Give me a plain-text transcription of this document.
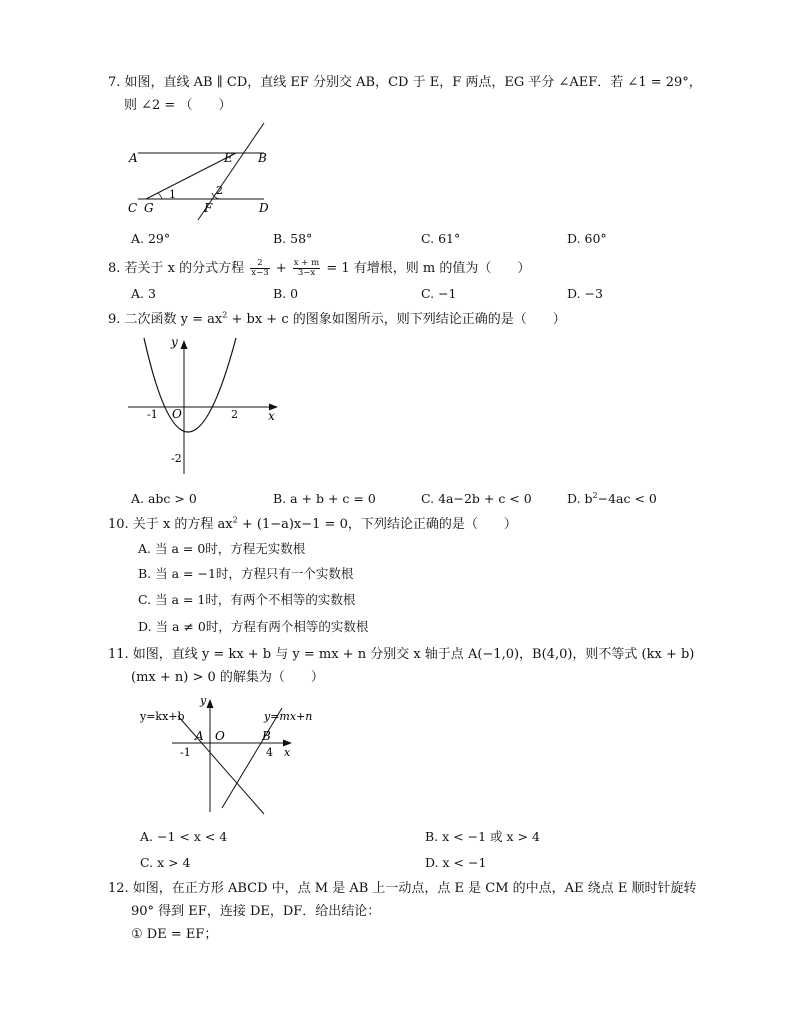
7. 如图，直线 AB ∥ CD，直线 EF 分别交 AB，CD 于 E，F 两点，EG 平分 ∠AEF．若 ∠1 = 29°，
则 ∠2 = （　　）
A	E B
1	2
C G	F	D
A. 29°	B. 58°	C. 61°	D. 60°
8. 若关于 x 的分式方程 $\frac{2}{x-3} + \frac{x + m}{3-x} = 1$ 有增根，则 m 的值为（　　）
A. 3	B. 0	C. −1	D. −3
9. 二次函数 $y = ax^2$ + bx + c 的图象如图所示，则下列结论正确的是（　　）
y
x
O
-1	2
-2
A. abc > 0	B. a + b + c = 0	C. 4a−2b + c < 0	D. $b^2-4ac < 0$
10. 关于 x 的方程 $ax^2 + (1-a)x-1 = 0$，下列结论正确的是（　　）
A. 当 a = 0时，方程无实数根
B. 当 a = −1时，方程只有一个实数根
C. 当 a = 1时，有两个不相等的实数根
D. 当 a ≠ 0时，方程有两个相等的实数根
11. 如图，直线 y = kx + b 与 y = mx + n 分别交 x 轴于点 A(−1,0)，B(4,0)，则不等式 (kx + b)
(mx + n) > 0 的解集为（　　）
y=kx+b	y=mx+n
y
x
A O	B
-1	4
A. −1 < x < 4	B. x < −1 或 x > 4
C. x > 4	D. x < −1
12. 如图，在正方形 ABCD 中，点 M 是 AB 上一动点，点 E 是 CM 的中点，AE 绕点 E 顺时针旋转
90° 得到 EF，连接 DE，DF．给出结论：
① DE = EF；
